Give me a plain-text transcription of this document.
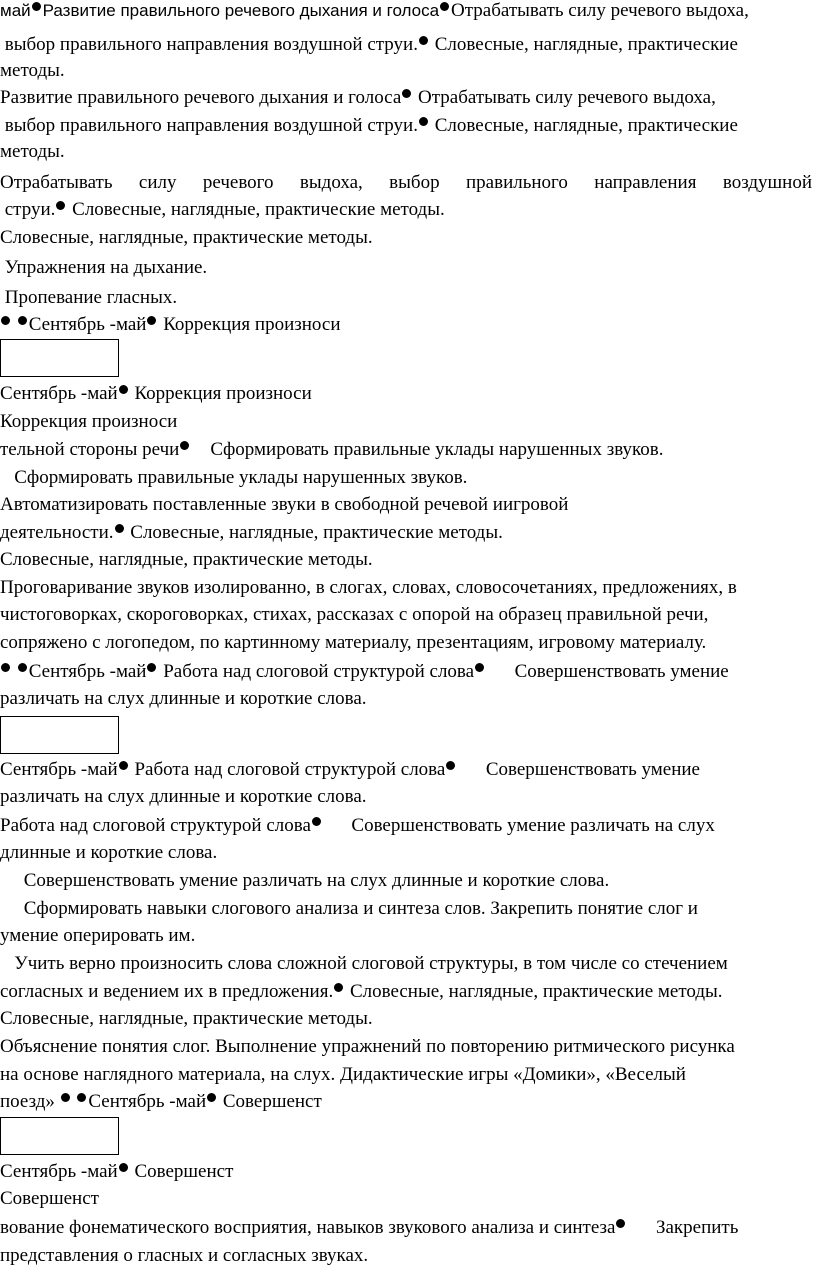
май Развитие правильного речевого дыхания и голоса Отрабатывать силу речевого выдоха,
выбор правильного направления воздушной струи. Словесные, наглядные, практические
методы.
Развитие правильного речевого дыхания и голоса Отрабатывать силу речевого выдоха,
выбор правильного направления воздушной струи. Словесные, наглядные, практические
методы.
Отрабатывать силу речевого выдоха, выбор правильного направления воздушной
струи. Словесные, наглядные, практические методы.
Словесные, наглядные, практические методы.
Упражнения на дыхание.
Пропевание гласных.
Сентябрь -май Коррекция произноси
Сентябрь -май Коррекция произноси
Коррекция произноси
тельной стороны речи    Сформировать правильные уклады нарушенных звуков.
Сформировать правильные уклады нарушенных звуков.
Автоматизировать поставленные звуки в свободной речевой иигровой
деятельности. Словесные, наглядные, практические методы.
Словесные, наглядные, практические методы.
Проговаривание звуков изолированно, в слогах, словах, словосочетаниях, предложениях, в
чистоговорках, скороговорках, стихах, рассказах с опорой на образец правильной речи,
сопряжено с логопедом, по картинному материалу, презентациям, игровому материалу.
Сентябрь -май Работа над слоговой структурой слова      Совершенствовать умение
различать на слух длинные и короткие слова.
Сентябрь -май Работа над слоговой структурой слова      Совершенствовать умение
различать на слух длинные и короткие слова.
Работа над слоговой структурой слова      Совершенствовать умение различать на слух
длинные и короткие слова.
Совершенствовать умение различать на слух длинные и короткие слова.
Сформировать навыки слогового анализа и синтеза слов. Закрепить понятие слог и
умение оперировать им.
Учить верно произносить слова сложной слоговой структуры, в том числе со стечением
согласных и ведением их в предложения. Словесные, наглядные, практические методы.
Словесные, наглядные, практические методы.
Объяснение понятия слог. Выполнение упражнений по повторению ритмического рисунка
на основе наглядного материала, на слух. Дидактические игры «Домики», «Веселый
поезд»  Сентябрь -май Совершенст
Сентябрь -май Совершенст
Совершенст
вование фонематического восприятия, навыков звукового анализа и синтеза      Закрепить
представления о гласных и согласных звуках.
